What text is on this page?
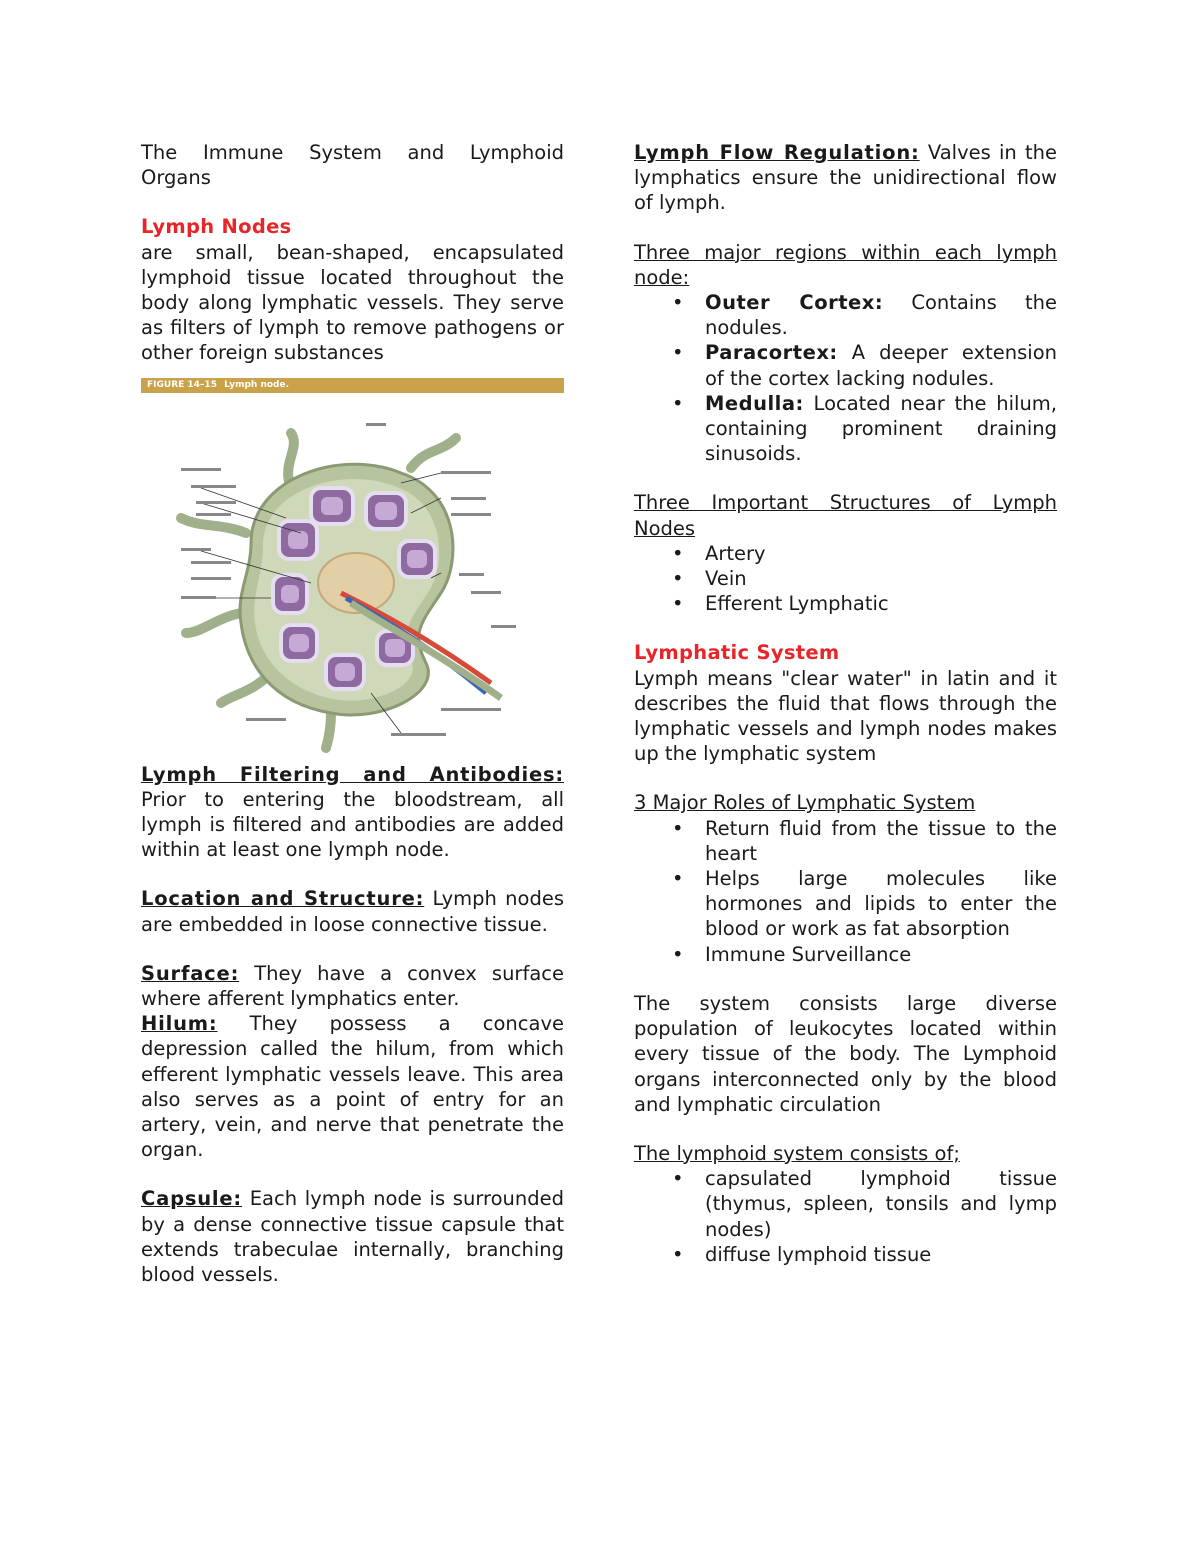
The Immune System and Lymphoid Organs

Lymph Nodes

are small, bean-shaped, encapsulated lymphoid tissue located throughout the body along lymphatic vessels. They serve as filters of lymph to remove pathogens or other foreign substances

FIGURE 14–15 Lymph node.

Lymph Filtering and Antibodies: Prior to entering the bloodstream, all lymph is filtered and antibodies are added within at least one lymph node.

Location and Structure: Lymph nodes are embedded in loose connective tissue.

Surface: They have a convex surface where afferent lymphatics enter.

Hilum: They possess a concave depression called the hilum, from which efferent lymphatic vessels leave. This area also serves as a point of entry for an artery, vein, and nerve that penetrate the organ.

Capsule: Each lymph node is surrounded by a dense connective tissue capsule that extends trabeculae internally, branching blood vessels.

Lymph Flow Regulation: Valves in the lymphatics ensure the unidirectional flow of lymph.

Three major regions within each lymph node:

• Outer Cortex: Contains the nodules.
• Paracortex: A deeper extension of the cortex lacking nodules.
• Medulla: Located near the hilum, containing prominent draining sinusoids.

Three Important Structures of Lymph Nodes

• Artery
• Vein
• Efferent Lymphatic

Lymphatic System

Lymph means "clear water" in latin and it describes the fluid that flows through the lymphatic vessels and lymph nodes makes up the lymphatic system

3 Major Roles of Lymphatic System

• Return fluid from the tissue to the heart
• Helps large molecules like hormones and lipids to enter the blood or work as fat absorption
• Immune Surveillance

The system consists large diverse population of leukocytes located within every tissue of the body. The Lymphoid organs interconnected only by the blood and lymphatic circulation

The lymphoid system consists of;

• capsulated lymphoid tissue (thymus, spleen, tonsils and lymp nodes)
• diffuse lymphoid tissue
